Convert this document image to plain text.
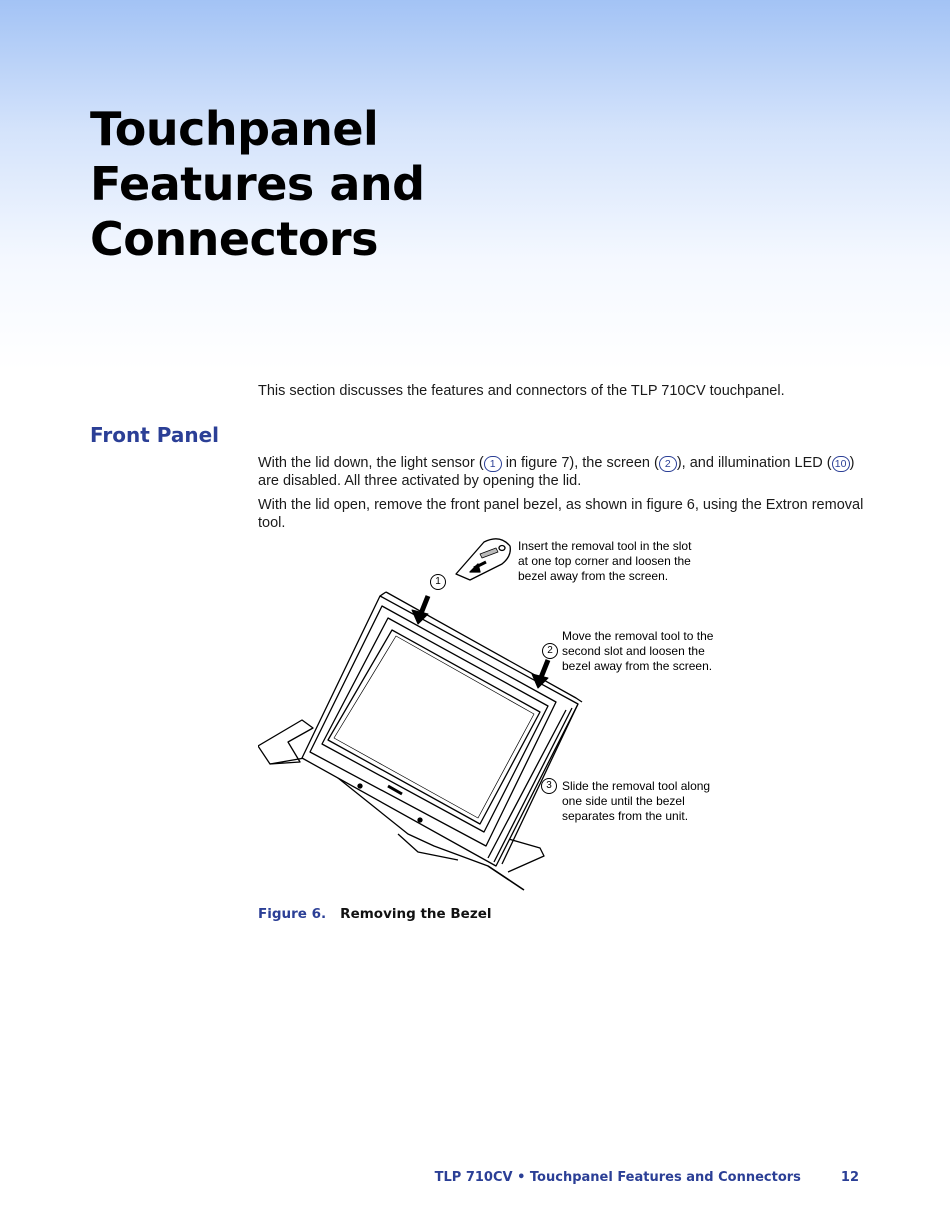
Touchpanel
Features and
Connectors

This section discusses the features and connectors of the TLP 710CV touchpanel.

Front Panel

With the lid down, the light sensor ( 1 in figure 7), the screen ( 2 ), and illumination LED ( 10 ) are disabled. All three activated by opening the lid.

With the lid open, remove the front panel bezel, as shown in figure 6, using the Extron removal tool.

1
2
3

Insert the removal tool in the slot at one top corner and loosen the bezel away from the screen.

Move the removal tool to the second slot and loosen the bezel away from the screen.

Slide the removal tool along one side until the bezel separates from the unit.

Figure 6. Removing the Bezel

TLP 710CV • Touchpanel Features and Connectors	12
